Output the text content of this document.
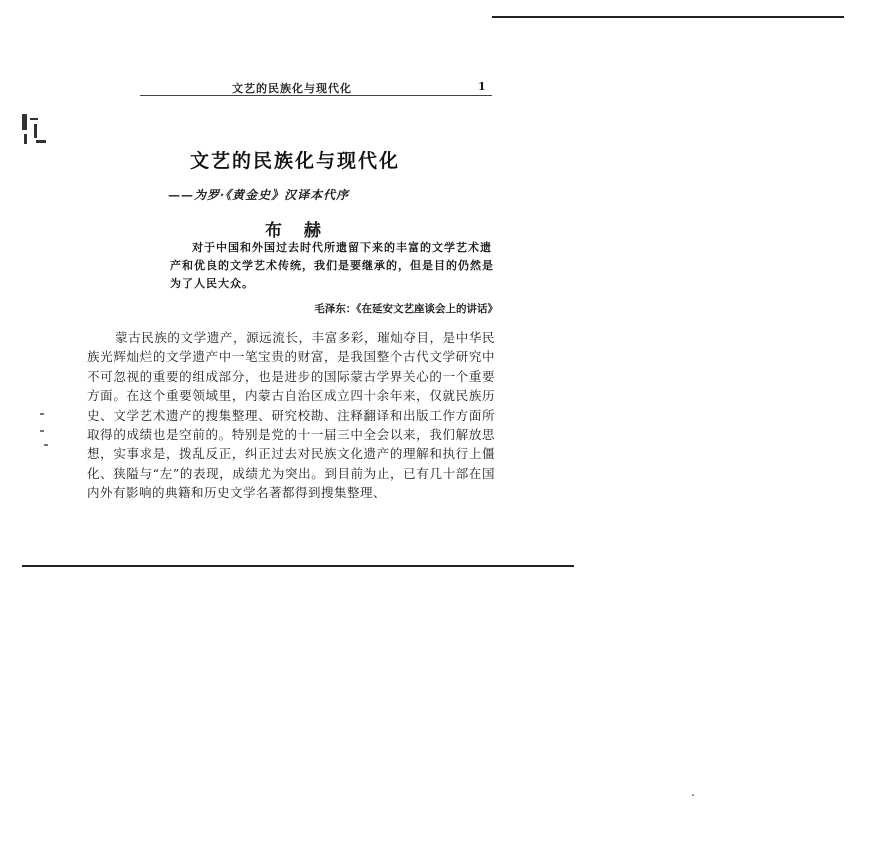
文艺的民族化与现代化	1
文艺的民族化与现代化
——为罗·《黄金史》汉译本代序
布 赫
对于中国和外国过去时代所遗留下来的丰富的文学艺术遗产和优良的文学艺术传统，我们是要继承的，但是目的仍然是为了人民大众。
毛泽东：《在延安文艺座谈会上的讲话》

蒙古民族的文学遗产，源远流长，丰富多彩，璀灿夺目，是中华民族光辉灿烂的文学遗产中一笔宝贵的财富，是我国整个古代文学研究中不可忽视的重要的组成部分，也是进步的国际蒙古学界关心的一个重要方面。在这个重要领域里，内蒙古自治区成立四十余年来，仅就民族历史、文学艺术遗产的搜集整理、研究校勘、注释翻译和出版工作方面所取得的成绩也是空前的。特别是党的十一届三中全会以来，我们解放思想，实事求是，拨乱反正，纠正过去对民族文化遗产的理解和执行上僵化、狭隘与“左”的表现，成绩尤为突出。到目前为止，已有几十部在国内外有影响的典籍和历史文学名著都得到搜集整理、
